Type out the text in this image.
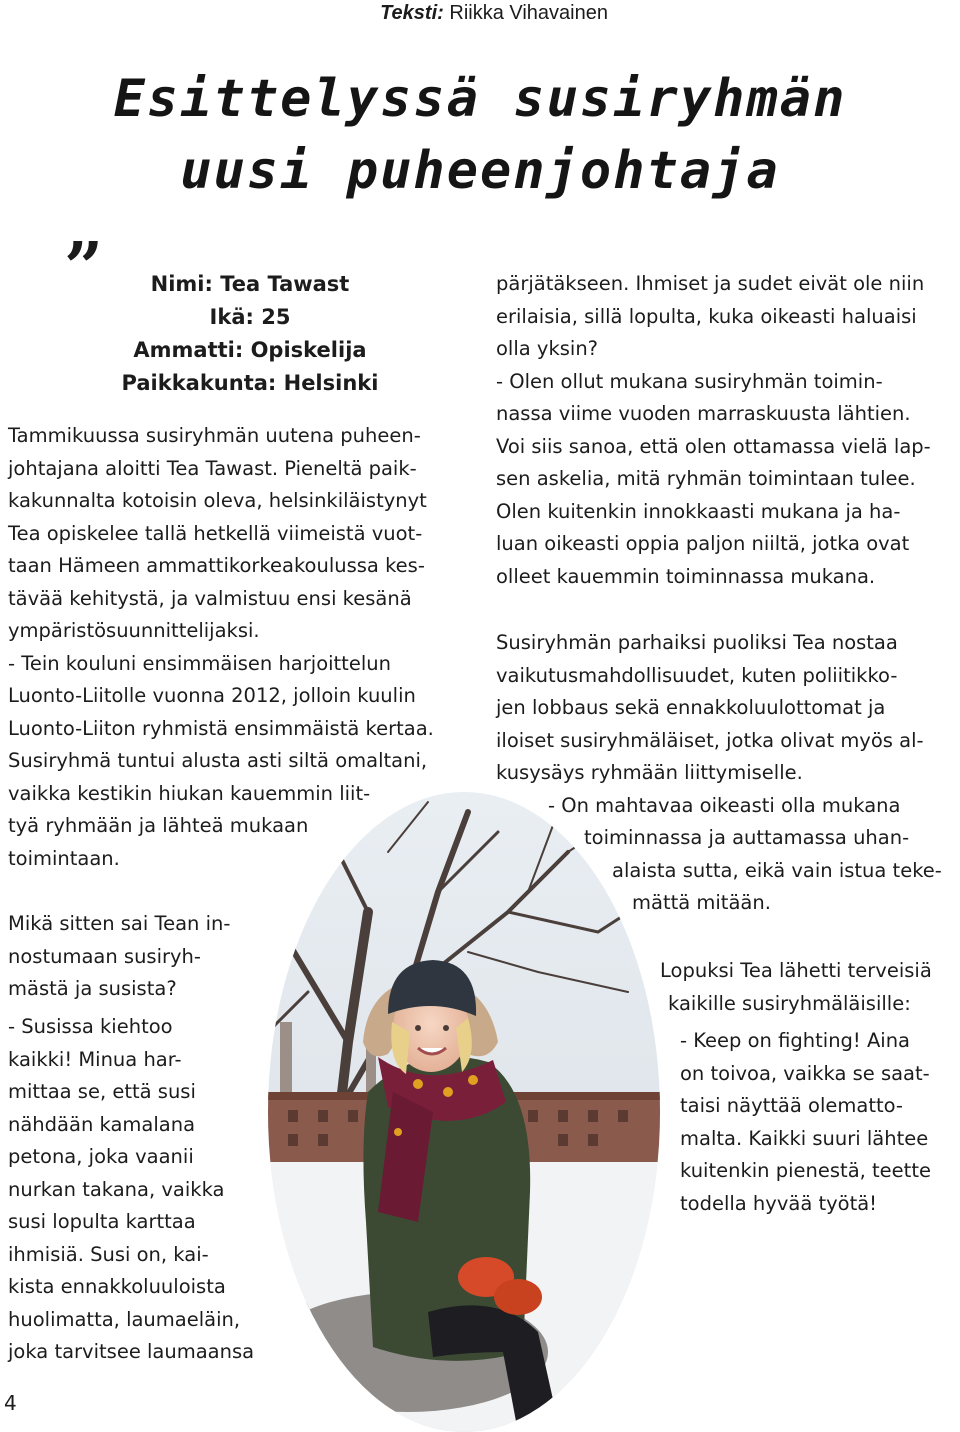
Teksti: Riikka Vihavainen
Esittelyssä susiryhmän
uusi puheenjohtaja
”	Nimi: Tea Tawast
Ikä: 25
Ammatti: Opiskelija
Paikkakunta: Helsinki
Tammikuussa susiryhmän uutena puheen-
johtajana aloitti Tea Tawast. Pieneltä paik-
kakunnalta kotoisin oleva, helsinkiläistynyt
Tea opiskelee tallä hetkellä viimeistä vuot-
taan Hämeen ammattikorkeakoulussa kes-
tävää kehitystä, ja valmistuu ensi kesänä
ympäristösuunnittelijaksi.
- Tein kouluni ensimmäisen harjoittelun
Luonto-Liitolle vuonna 2012, jolloin kuulin
Luonto-Liiton ryhmistä ensimmäistä kertaa.
Susiryhmä tuntui alusta asti siltä omaltani,
vaikka kestikin hiukan kauemmin liit-
tyä ryhmään ja lähteä mukaan
toimintaan.
Mikä sitten sai Tean in-
nostumaan susiryh-
mästä ja susista?
- Susissa kiehtoo
kaikki! Minua har-
mittaa se, että susi
nähdään kamalana
petona, joka vaanii
nurkan takana, vaikka
susi lopulta karttaa
ihmisiä. Susi on, kai-
kista ennakkoluuloista
huolimatta, laumaeläin,
joka tarvitsee laumaansa
pärjätäkseen. Ihmiset ja sudet eivät ole niin
erilaisia, sillä lopulta, kuka oikeasti haluaisi
olla yksin?
- Olen ollut mukana susiryhmän toimin-
nassa viime vuoden marraskuusta lähtien.
Voi siis sanoa, että olen ottamassa vielä lap-
sen askelia, mitä ryhmän toimintaan tulee.
Olen kuitenkin innokkaasti mukana ja ha-
luan oikeasti oppia paljon niiltä, jotka ovat
olleet kauemmin toiminnassa mukana.
Susiryhmän parhaiksi puoliksi Tea nostaa
vaikutusmahdollisuudet, kuten poliitikko-
jen lobbaus sekä ennakkoluulottomat ja
iloiset susiryhmäläiset, jotka olivat myös al-
kusysäys ryhmään liittymiselle.
- On mahtavaa oikeasti olla mukana
toiminnassa ja auttamassa uhan-
alaista sutta, eikä vain istua teke-
mättä mitään.
Lopuksi Tea lähetti terveisiä
kaikille susiryhmäläisille:
- Keep on fighting! Aina
on toivoa, vaikka se saat-
taisi näyttää olematto-
malta. Kaikki suuri lähtee
kuitenkin pienestä, teette
todella hyvää työtä!
4
